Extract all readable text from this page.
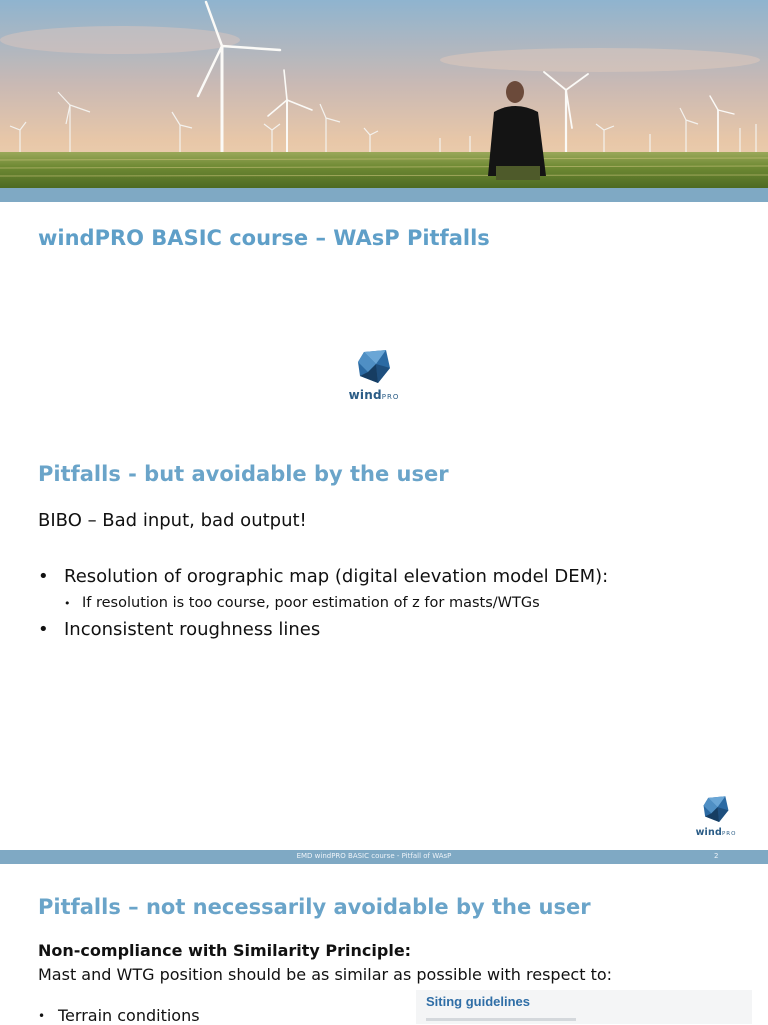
windPRO BASIC course – WAsP Pitfalls
windPRO
Pitfalls - but avoidable by the user
BIBO – Bad input, bad output!
• Resolution of orographic map (digital elevation model DEM):
• If resolution is too course, poor estimation of z for masts/WTGs
• Inconsistent roughness lines
windPRO
EMD windPRO BASIC course - Pitfall of WAsP	2
Pitfalls – not necessarily avoidable by the user
Non-compliance with Similarity Principle:
Mast and WTG position should be as similar as possible with respect to:
• Terrain conditions
Siting guidelines
